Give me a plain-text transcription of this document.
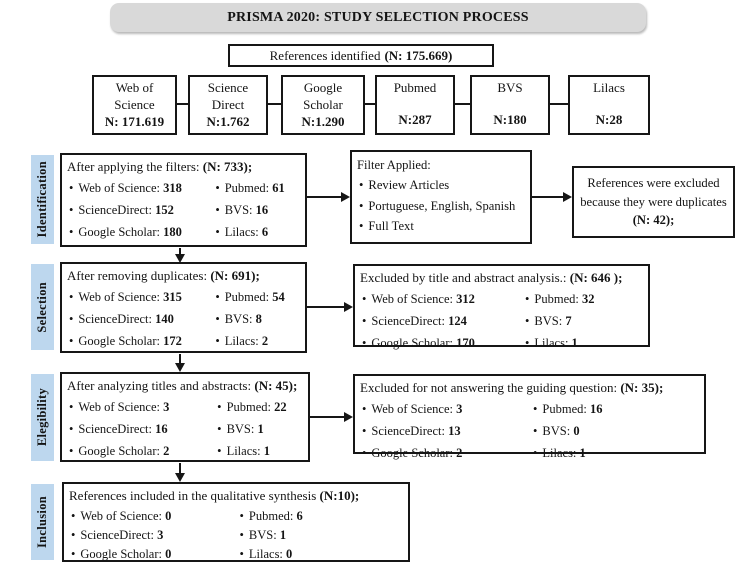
PRISMA 2020: STUDY SELECTION PROCESS
References identified (N: 175.669)
Web of
Science
N: 171.619
Science
Direct
N:1.762
Google
Scholar
N:1.290
Pubmed
N:287
BVS
N:180
Lilacs
N:28
Identification
Selection
Elegibility
Inclusion
After applying the filters: (N: 733);
• Web of Science: 318
• ScienceDirect: 152
• Google Scholar: 180
• Pubmed: 61
• BVS: 16
• Lilacs: 6
Filter Applied:
• Review Articles
• Portuguese, English, Spanish
• Full Text
References were excluded because they were duplicates (N: 42);
After removing duplicates: (N: 691);
• Web of Science: 315
• ScienceDirect: 140
• Google Scholar: 172
• Pubmed: 54
• BVS: 8
• Lilacs: 2
Excluded by title and abstract analysis.: (N: 646 );
• Web of Science: 312
• ScienceDirect: 124
• Google Scholar: 170
• Pubmed: 32
• BVS: 7
• Lilacs: 1
After analyzing titles and abstracts: (N: 45);
• Web of Science: 3
• ScienceDirect: 16
• Google Scholar: 2
• Pubmed: 22
• BVS: 1
• Lilacs: 1
Excluded for not answering the guiding question: (N: 35);
• Web of Science: 3
• ScienceDirect: 13
• Google Scholar: 2
• Pubmed: 16
• BVS: 0
• Lilacs: 1
References included in the qualitative synthesis (N:10);
• Web of Science: 0
• ScienceDirect: 3
• Google Scholar: 0
• Pubmed: 6
• BVS: 1
• Lilacs: 0
